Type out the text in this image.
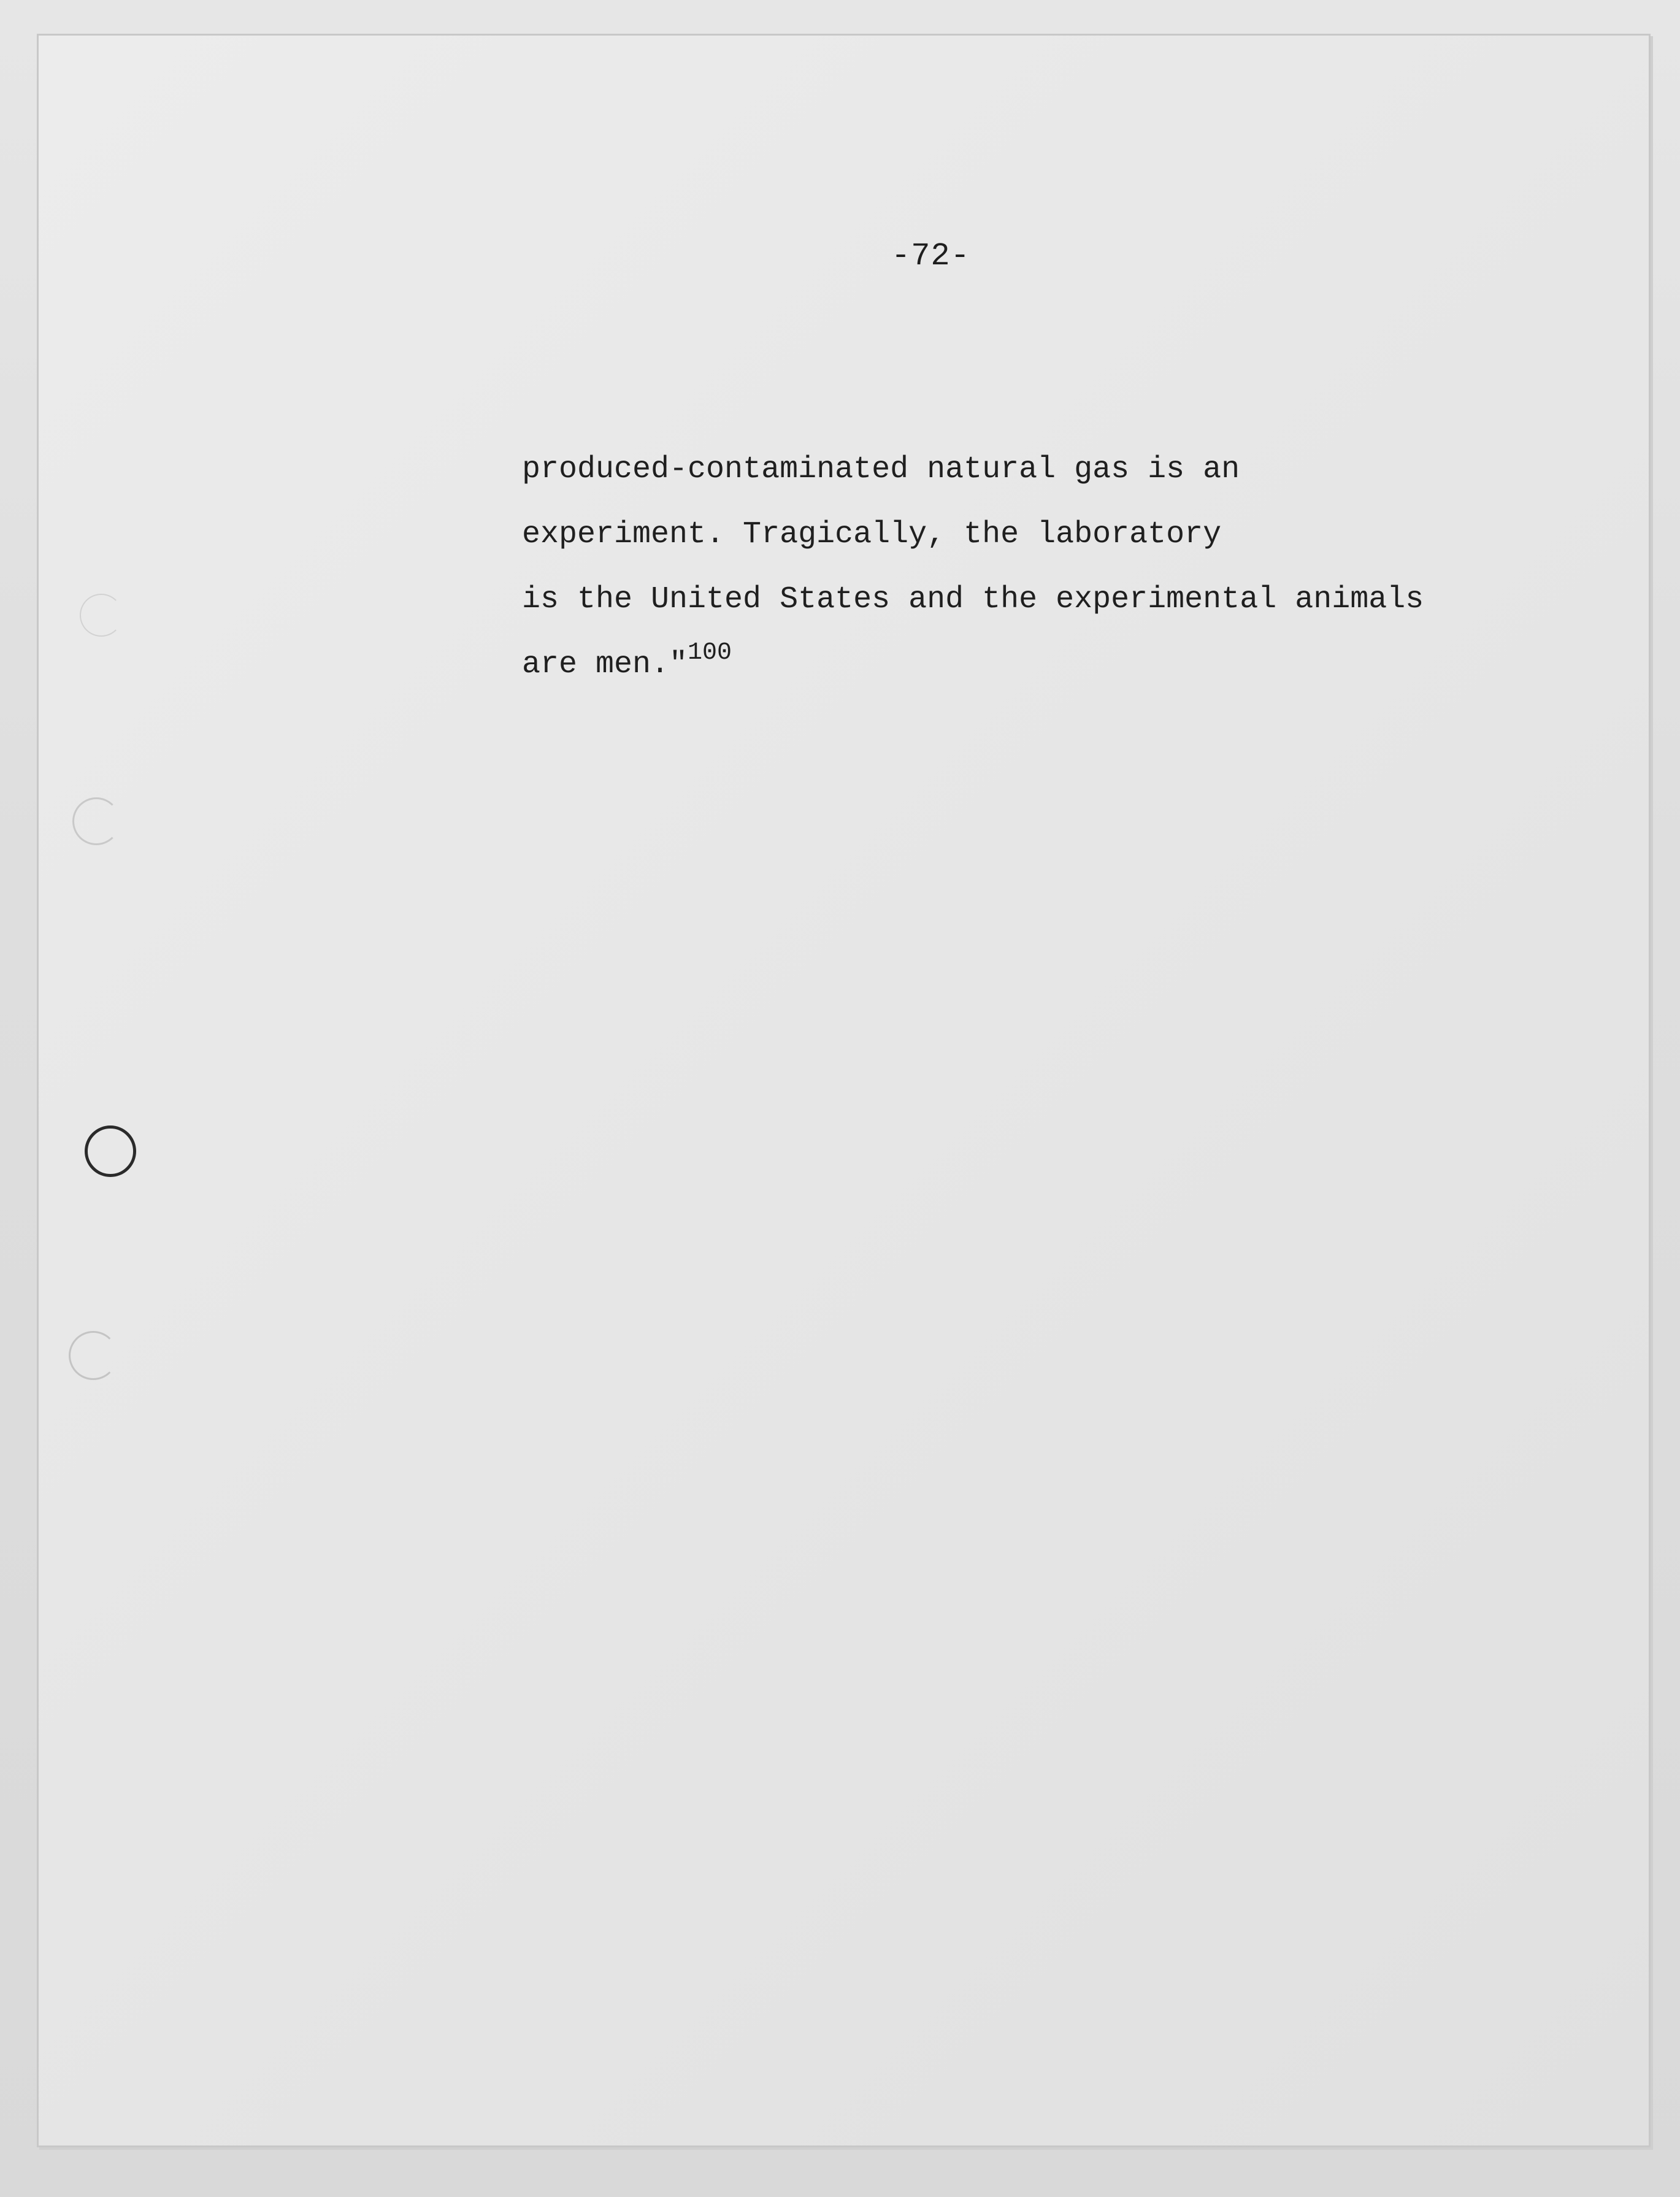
-72-
produced-contaminated natural gas is an
experiment. Tragically, the laboratory
is the United States and the experimental animals
are men."$^{100}$
